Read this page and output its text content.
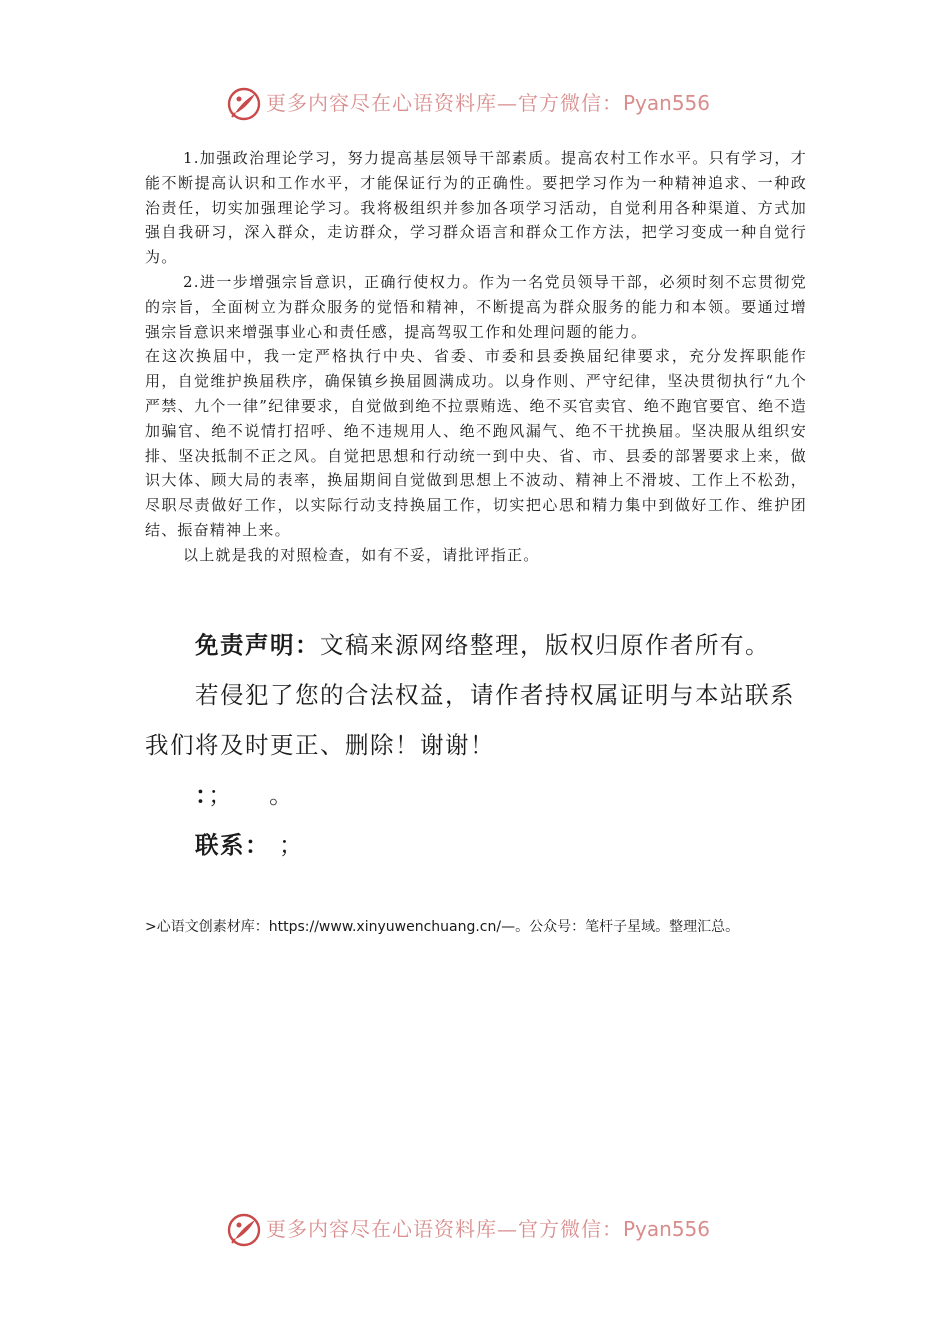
更多内容尽在心语资料库—官方微信：Pyan556

1.加强政治理论学习，努力提高基层领导干部素质。提高农村工作水平。只有学习，才能不断提高认识和工作水平，才能保证行为的正确性。要把学习作为一种精神追求、一种政治责任，切实加强理论学习。我将极组织并参加各项学习活动，自觉利用各种渠道、方式加强自我研习，深入群众，走访群众，学习群众语言和群众工作方法，把学习变成一种自觉行为。

2.进一步增强宗旨意识，正确行使权力。作为一名党员领导干部，必须时刻不忘贯彻党的宗旨，全面树立为群众服务的觉悟和精神，不断提高为群众服务的能力和本领。要通过增强宗旨意识来增强事业心和责任感，提高驾驭工作和处理问题的能力。

在这次换届中，我一定严格执行中央、省委、市委和县委换届纪律要求，充分发挥职能作用，自觉维护换届秩序，确保镇乡换届圆满成功。以身作则、严守纪律，坚决贯彻执行“九个严禁、九个一律”纪律要求，自觉做到绝不拉票贿选、绝不买官卖官、绝不跑官要官、绝不造加骗官、绝不说情打招呼、绝不违规用人、绝不跑风漏气、绝不干扰换届。坚决服从组织安排、坚决抵制不正之风。自觉把思想和行动统一到中央、省、市、县委的部署要求上来，做识大体、顾大局的表率，换届期间自觉做到思想上不波动、精神上不滑坡、工作上不松劲，尽职尽责做好工作，以实际行动支持换届工作，切实把心思和精力集中到做好工作、维护团结、振奋精神上来。

以上就是我的对照检查，如有不妥，请批评指正。

免责声明：文稿来源网络整理，版权归原作者所有。
若侵犯了您的合法权益，请作者持权属证明与本站联系
我们将及时更正、删除！谢谢！
：；    。
联系： ；
>心语文创素材库：https://www.xinyuwenchuang.cn/—。公众号：笔杆子星域。整理汇总。
更多内容尽在心语资料库—官方微信：Pyan556
